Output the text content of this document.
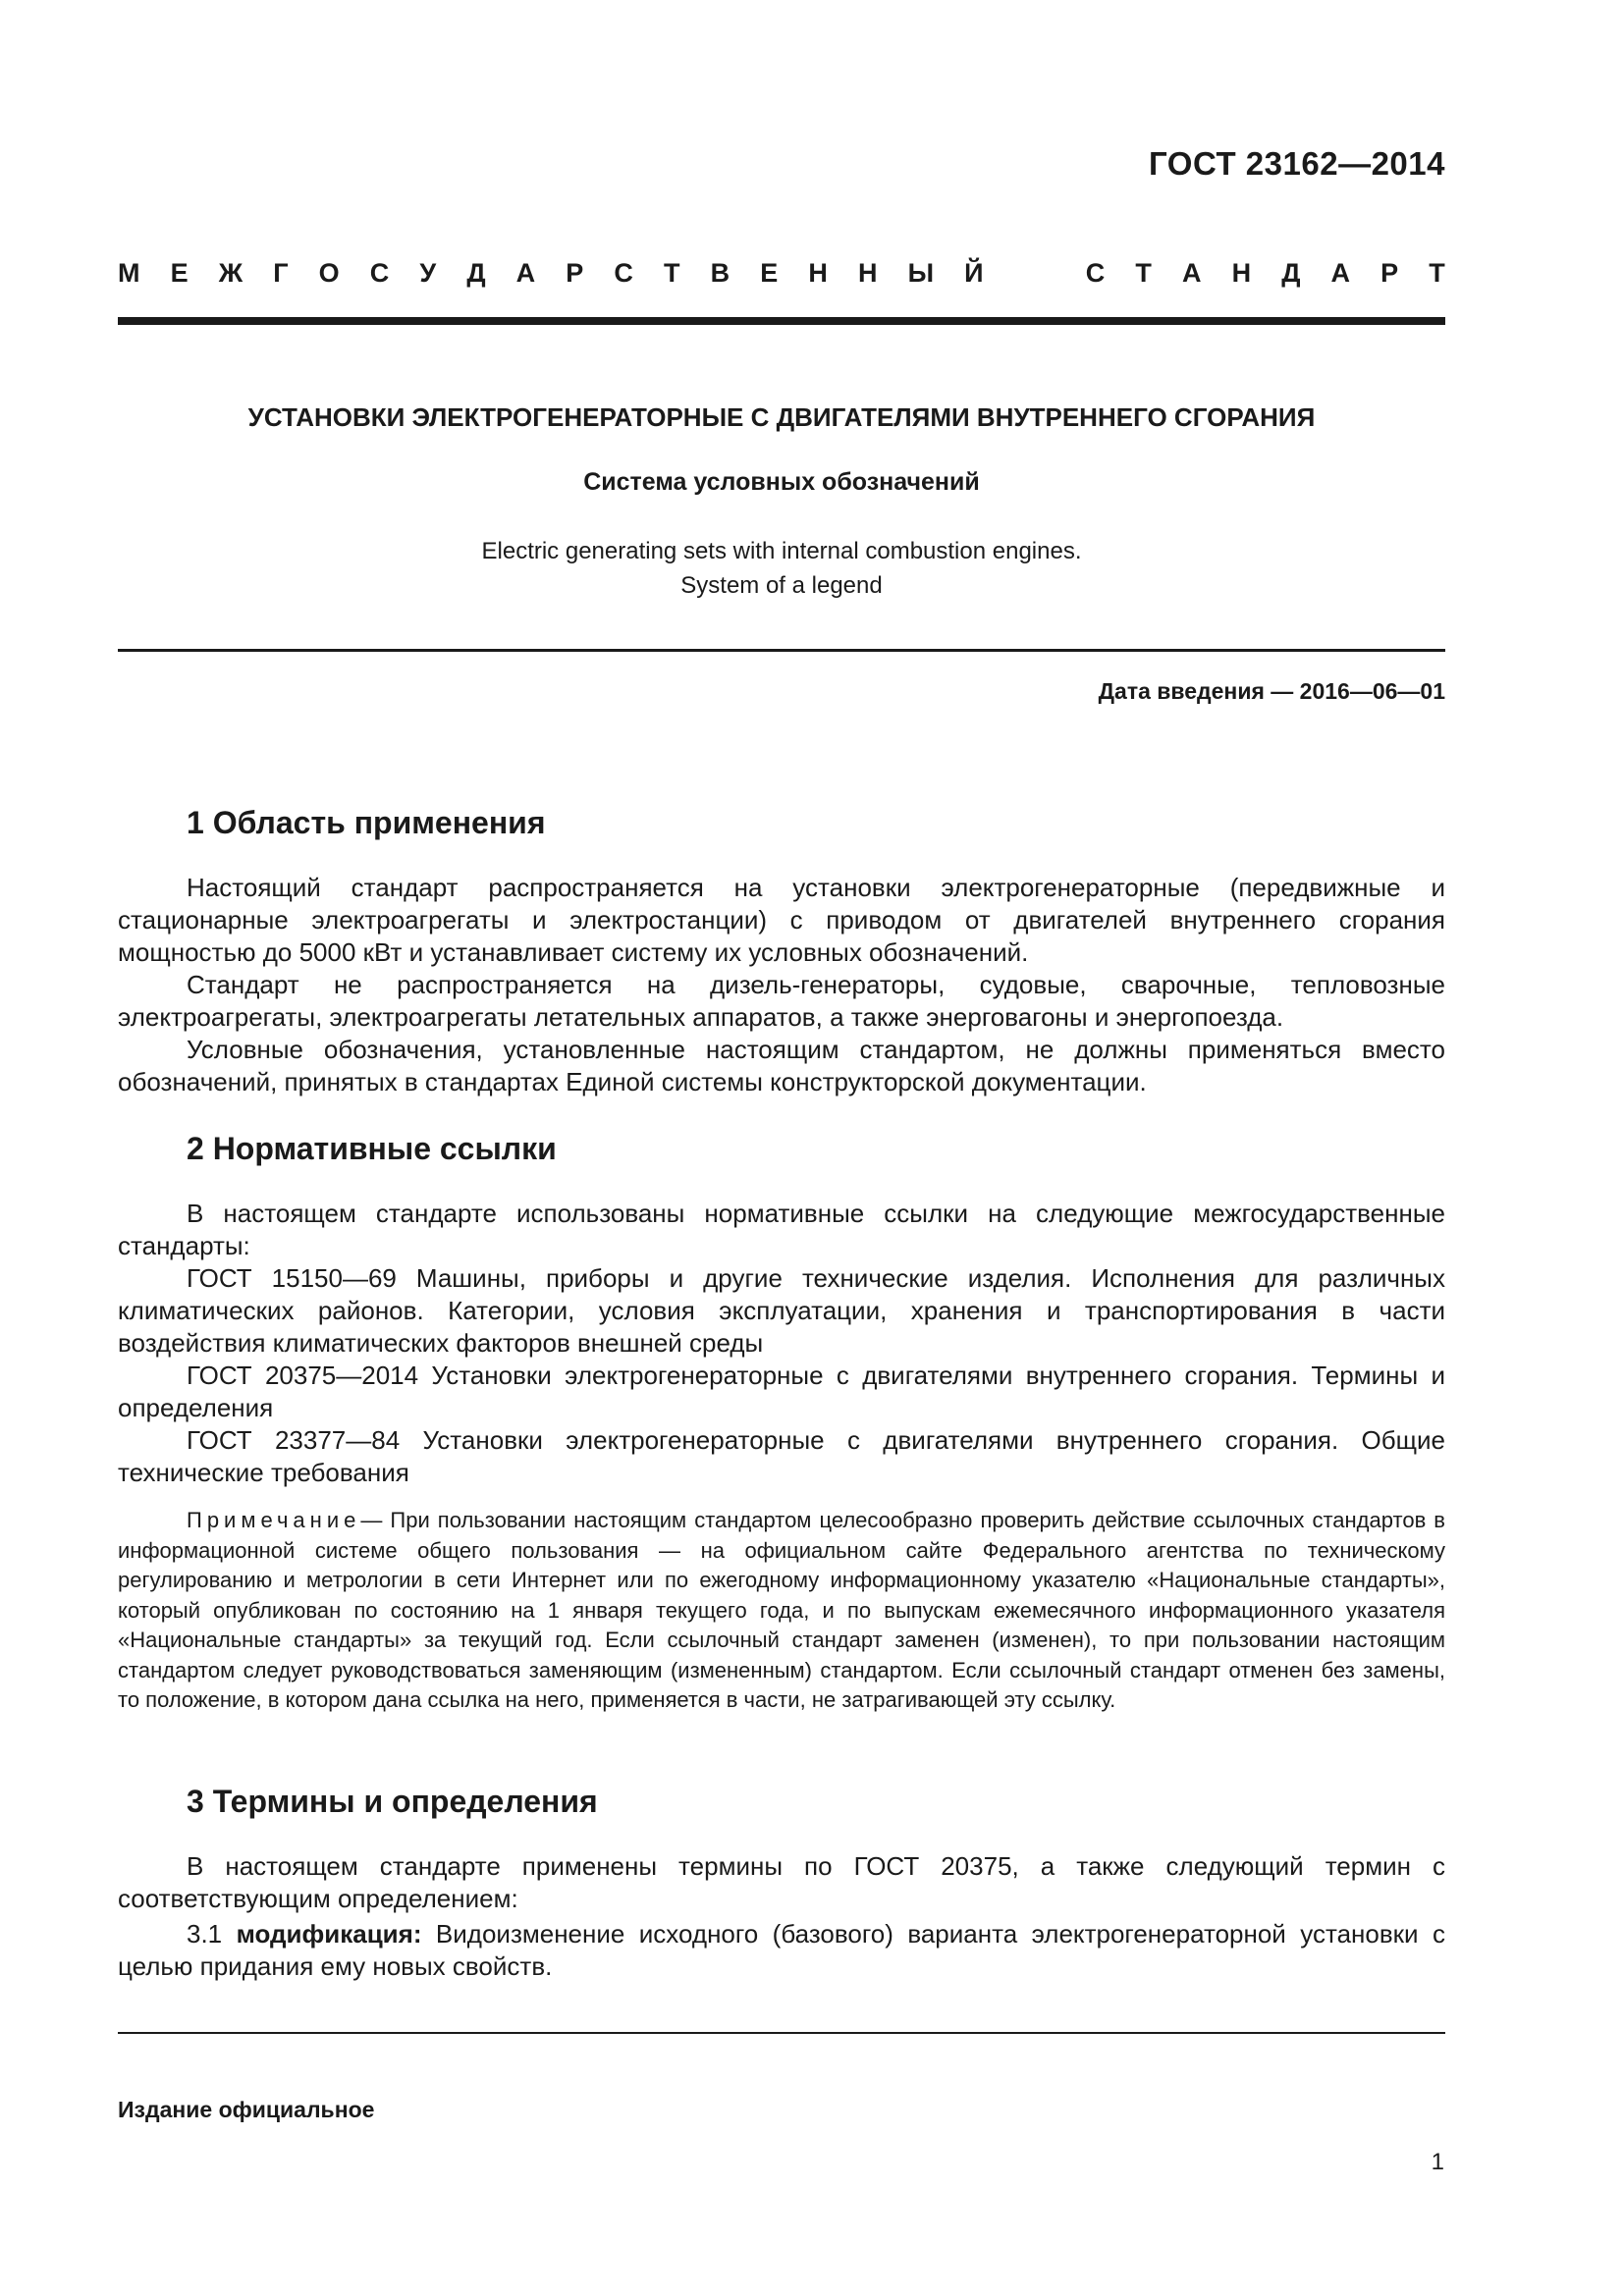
ГОСТ 23162—2014
М Е Ж Г О С У Д А Р С Т В Е Н Н Ы Й	С Т А Н Д А Р Т
УСТАНОВКИ ЭЛЕКТРОГЕНЕРАТОРНЫЕ С ДВИГАТЕЛЯМИ ВНУТРЕННЕГО СГОРАНИЯ
Система условных обозначений
Electric generating sets with internal combustion engines.
System of a legend
Дата введения — 2016—06—01
1 Область применения

Настоящий стандарт распространяется на установки электрогенераторные (передвижные и стационарные электроагрегаты и электростанции) с приводом от двигателей внутреннего сгорания мощностью до 5000 кВт и устанавливает систему их условных обозначений.

Стандарт не распространяется на дизель-генераторы, судовые, сварочные, тепловозные электроагрегаты, электроагрегаты летательных аппаратов, а также энерговагоны и энергопоезда.

Условные обозначения, установленные настоящим стандартом, не должны применяться вместо обозначений, принятых в стандартах Единой системы конструкторской документации.

2 Нормативные ссылки

В настоящем стандарте использованы нормативные ссылки на следующие межгосударственные стандарты:

ГОСТ 15150—69 Машины, приборы и другие технические изделия. Исполнения для различных климатических районов. Категории, условия эксплуатации, хранения и транспортирования в части воздействия климатических факторов внешней среды

ГОСТ 20375—2014 Установки электрогенераторные с двигателями внутреннего сгорания. Термины и определения

ГОСТ 23377—84 Установки электрогенераторные с двигателями внутреннего сгорания. Общие технические требования

Примечание— При пользовании настоящим стандартом целесообразно проверить действие ссылочных стандартов в информационной системе общего пользования — на официальном сайте Федерального агентства по техническому регулированию и метрологии в сети Интернет или по ежегодному информационному указателю «Национальные стандарты», который опубликован по состоянию на 1 января текущего года, и по выпускам ежемесячного информационного указателя «Национальные стандарты» за текущий год. Если ссылочный стандарт заменен (изменен), то при пользовании настоящим стандартом следует руководствоваться заменяющим (измененным) стандартом. Если ссылочный стандарт отменен без замены, то положение, в котором дана ссылка на него, применяется в части, не затрагивающей эту ссылку.

3 Термины и определения

В настоящем стандарте применены термины по ГОСТ 20375, а также следующий термин с соответствующим определением:

3.1 модификация: Видоизменение исходного (базового) варианта электрогенераторной установки с целью придания ему новых свойств.

Издание официальное
1
